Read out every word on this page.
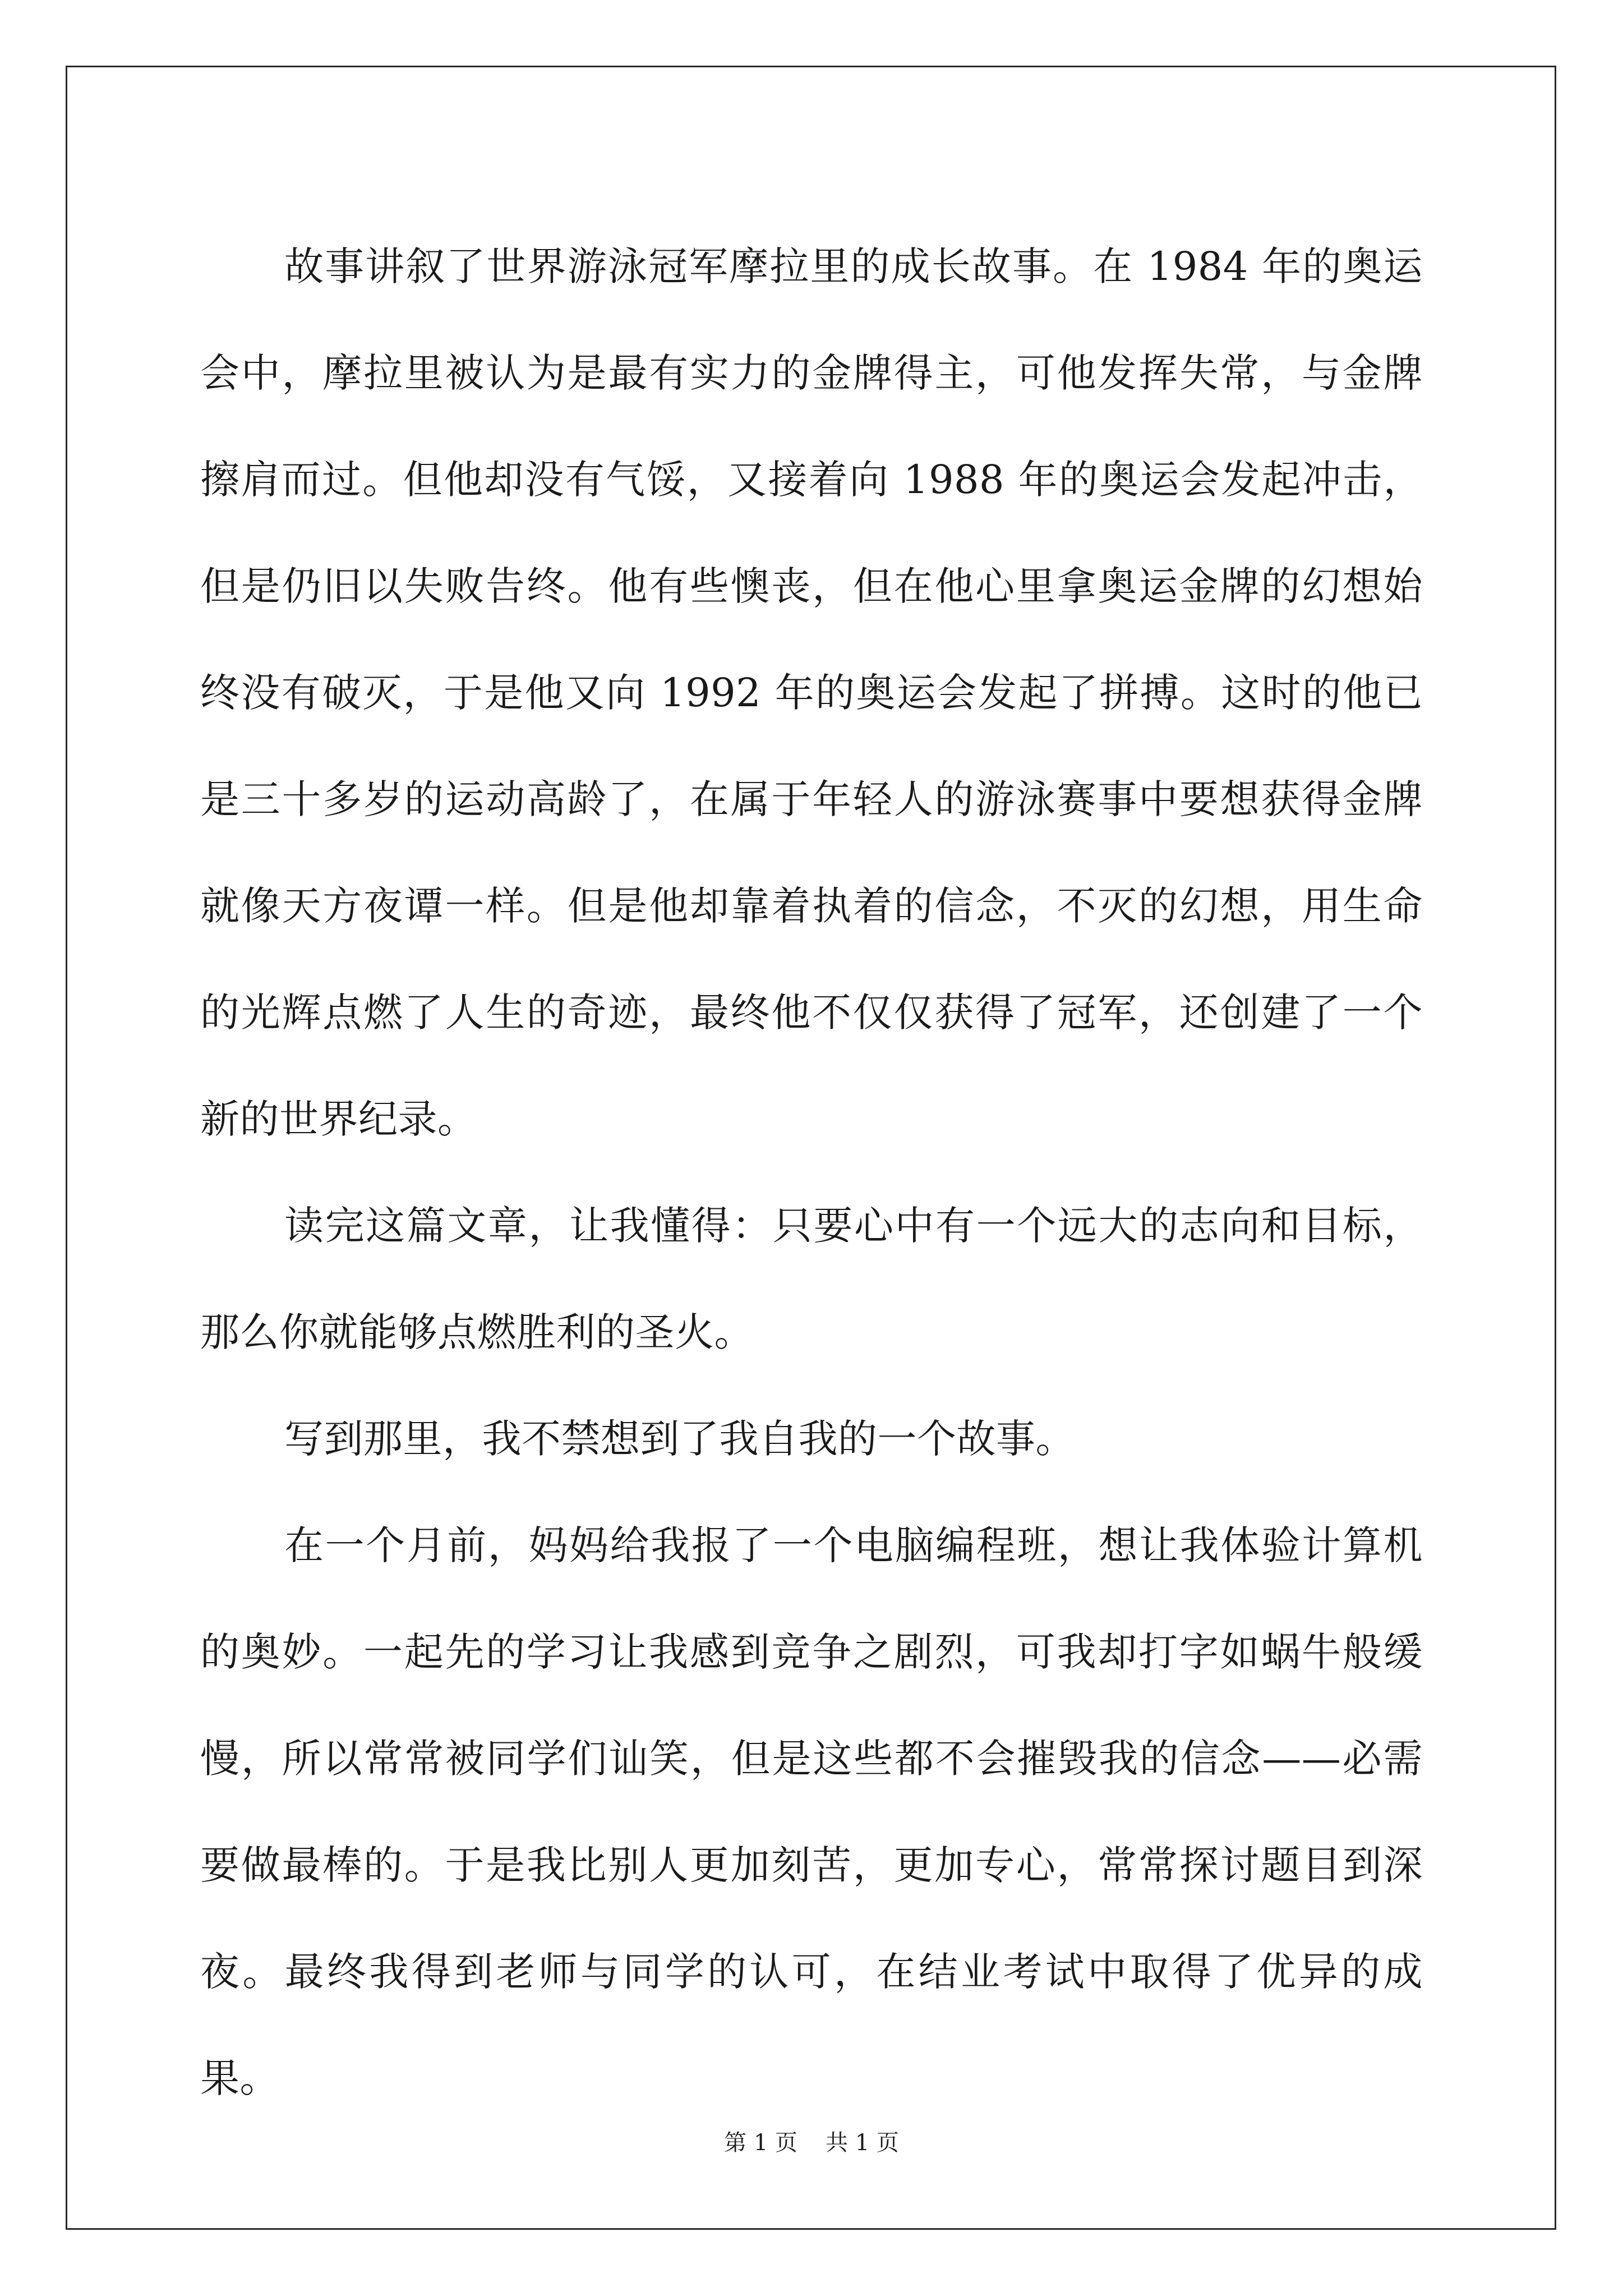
故事讲叙了世界游泳冠军摩拉里的成长故事。在 1984 年的奥运会中，摩拉里被认为是最有实力的金牌得主，可他发挥失常，与金牌擦肩而过。但他却没有气馁，又接着向 1988 年的奥运会发起冲击，但是仍旧以失败告终。他有些懊丧，但在他心里拿奥运金牌的幻想始终没有破灭，于是他又向 1992 年的奥运会发起了拼搏。这时的他已是三十多岁的运动高龄了，在属于年轻人的游泳赛事中要想获得金牌就像天方夜谭一样。但是他却靠着执着的信念，不灭的幻想，用生命的光辉点燃了人生的奇迹，最终他不仅仅获得了冠军，还创建了一个新的世界纪录。

读完这篇文章，让我懂得：只要心中有一个远大的志向和目标，那么你就能够点燃胜利的圣火。

写到那里，我不禁想到了我自我的一个故事。

在一个月前，妈妈给我报了一个电脑编程班，想让我体验计算机的奥妙。一起先的学习让我感到竞争之剧烈，可我却打字如蜗牛般缓慢，所以常常被同学们讪笑，但是这些都不会摧毁我的信念——必需要做最棒的。于是我比别人更加刻苦，更加专心，常常探讨题目到深夜。最终我得到老师与同学的认可，在结业考试中取得了优异的成果。

第 1 页 共 1 页
